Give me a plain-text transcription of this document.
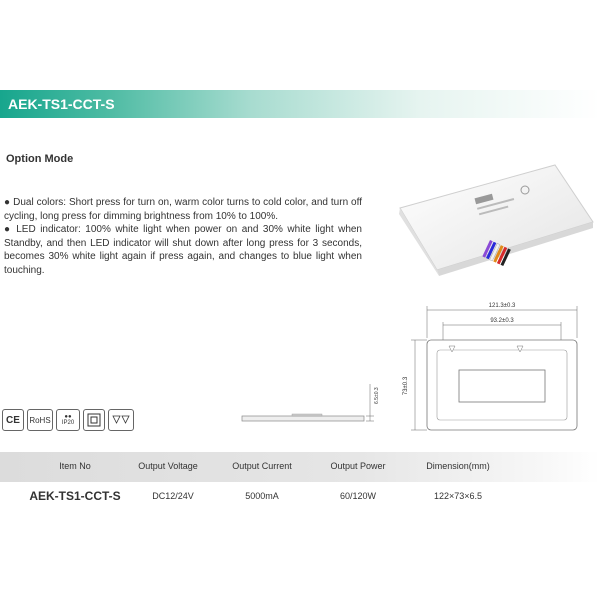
AEK-TS1-CCT-S
Option Mode

● Dual colors: Short press for turn on, warm color turns to cold color, and turn off cycling, long press for dimming brightness from 10% to 100%.

● LED indicator: 100% white light when power on and 30% white light when Standby, and then LED indicator will shut down after long press for 3 seconds, becomes 30% white light again if press again, and changes to blue light when touching.

6.5±0.3
121.3±0.3
93.2±0.3
73±0.3
CE	RoHS	●●
IP20
Item No	Output Voltage	Output Current	Output Power	Dimension(mm)
AEK-TS1-CCT-S	DC12/24V	5000mA	60/120W	122×73×6.5
